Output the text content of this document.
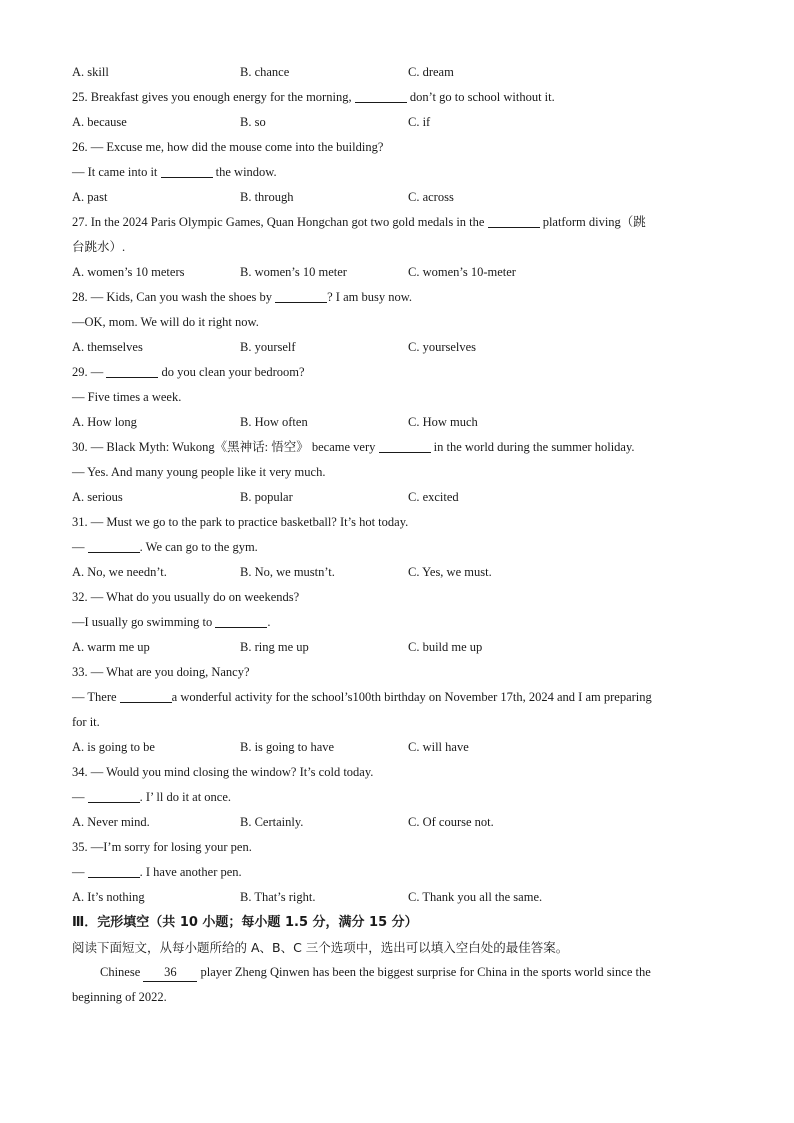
A. skill	B. chance	C. dream
25. Breakfast gives you enough energy for the morning,	don’t go to school without it.
A. because	B. so	C. if
26. — Excuse me, how did the mouse come into the building?
— It came into it	the window.
A. past	B. through	C. across
27. In the 2024 Paris Olympic Games, Quan Hongchan got two gold medals in the	platform diving（跳
台跳水）.
A. women’s 10 meters	B. women’s 10 meter	C. women’s 10-meter
28. — Kids, Can you wash the shoes by	? I am busy now.
—OK, mom. We will do it right now.
A. themselves	B. yourself	C. yourselves
29. —	do you clean your bedroom?
— Five times a week.
A. How long	B. How often	C. How much
30. — Black Myth: Wukong《黑神话: 悟空》 became very	in the world during the summer holiday.
— Yes. And many young people like it very much.
A. serious	B. popular	C. excited
31. — Must we go to the park to practice basketball? It’s hot today.
—	. We can go to the gym.
A. No, we needn’t.	B. No, we mustn’t.	C. Yes, we must.
32. — What do you usually do on weekends?
—I usually go swimming to	.
A. warm me up	B. ring me up	C. build me up
33. — What are you doing, Nancy?
— There	a wonderful activity for the school’s100th birthday on November 17th, 2024 and I am preparing
for it.
A. is going to be	B. is going to have	C. will have
34. — Would you mind closing the window? It’s cold today.
—	. I’ ll do it at once.
A. Never mind.	B. Certainly.	C. Of course not.
35. —I’m sorry for losing your pen.
—	. I have another pen.
A. It’s nothing	B. That’s right.	C. Thank you all the same.
Ⅲ．完形填空（共 10 小题；每小题 1.5 分，满分 15 分）
阅读下面短文，从每小题所给的 A、B、C 三个选项中，选出可以填入空白处的最佳答案。
Chinese 36 player Zheng Qinwen has been the biggest surprise for China in the sports world since the
beginning of 2022.
